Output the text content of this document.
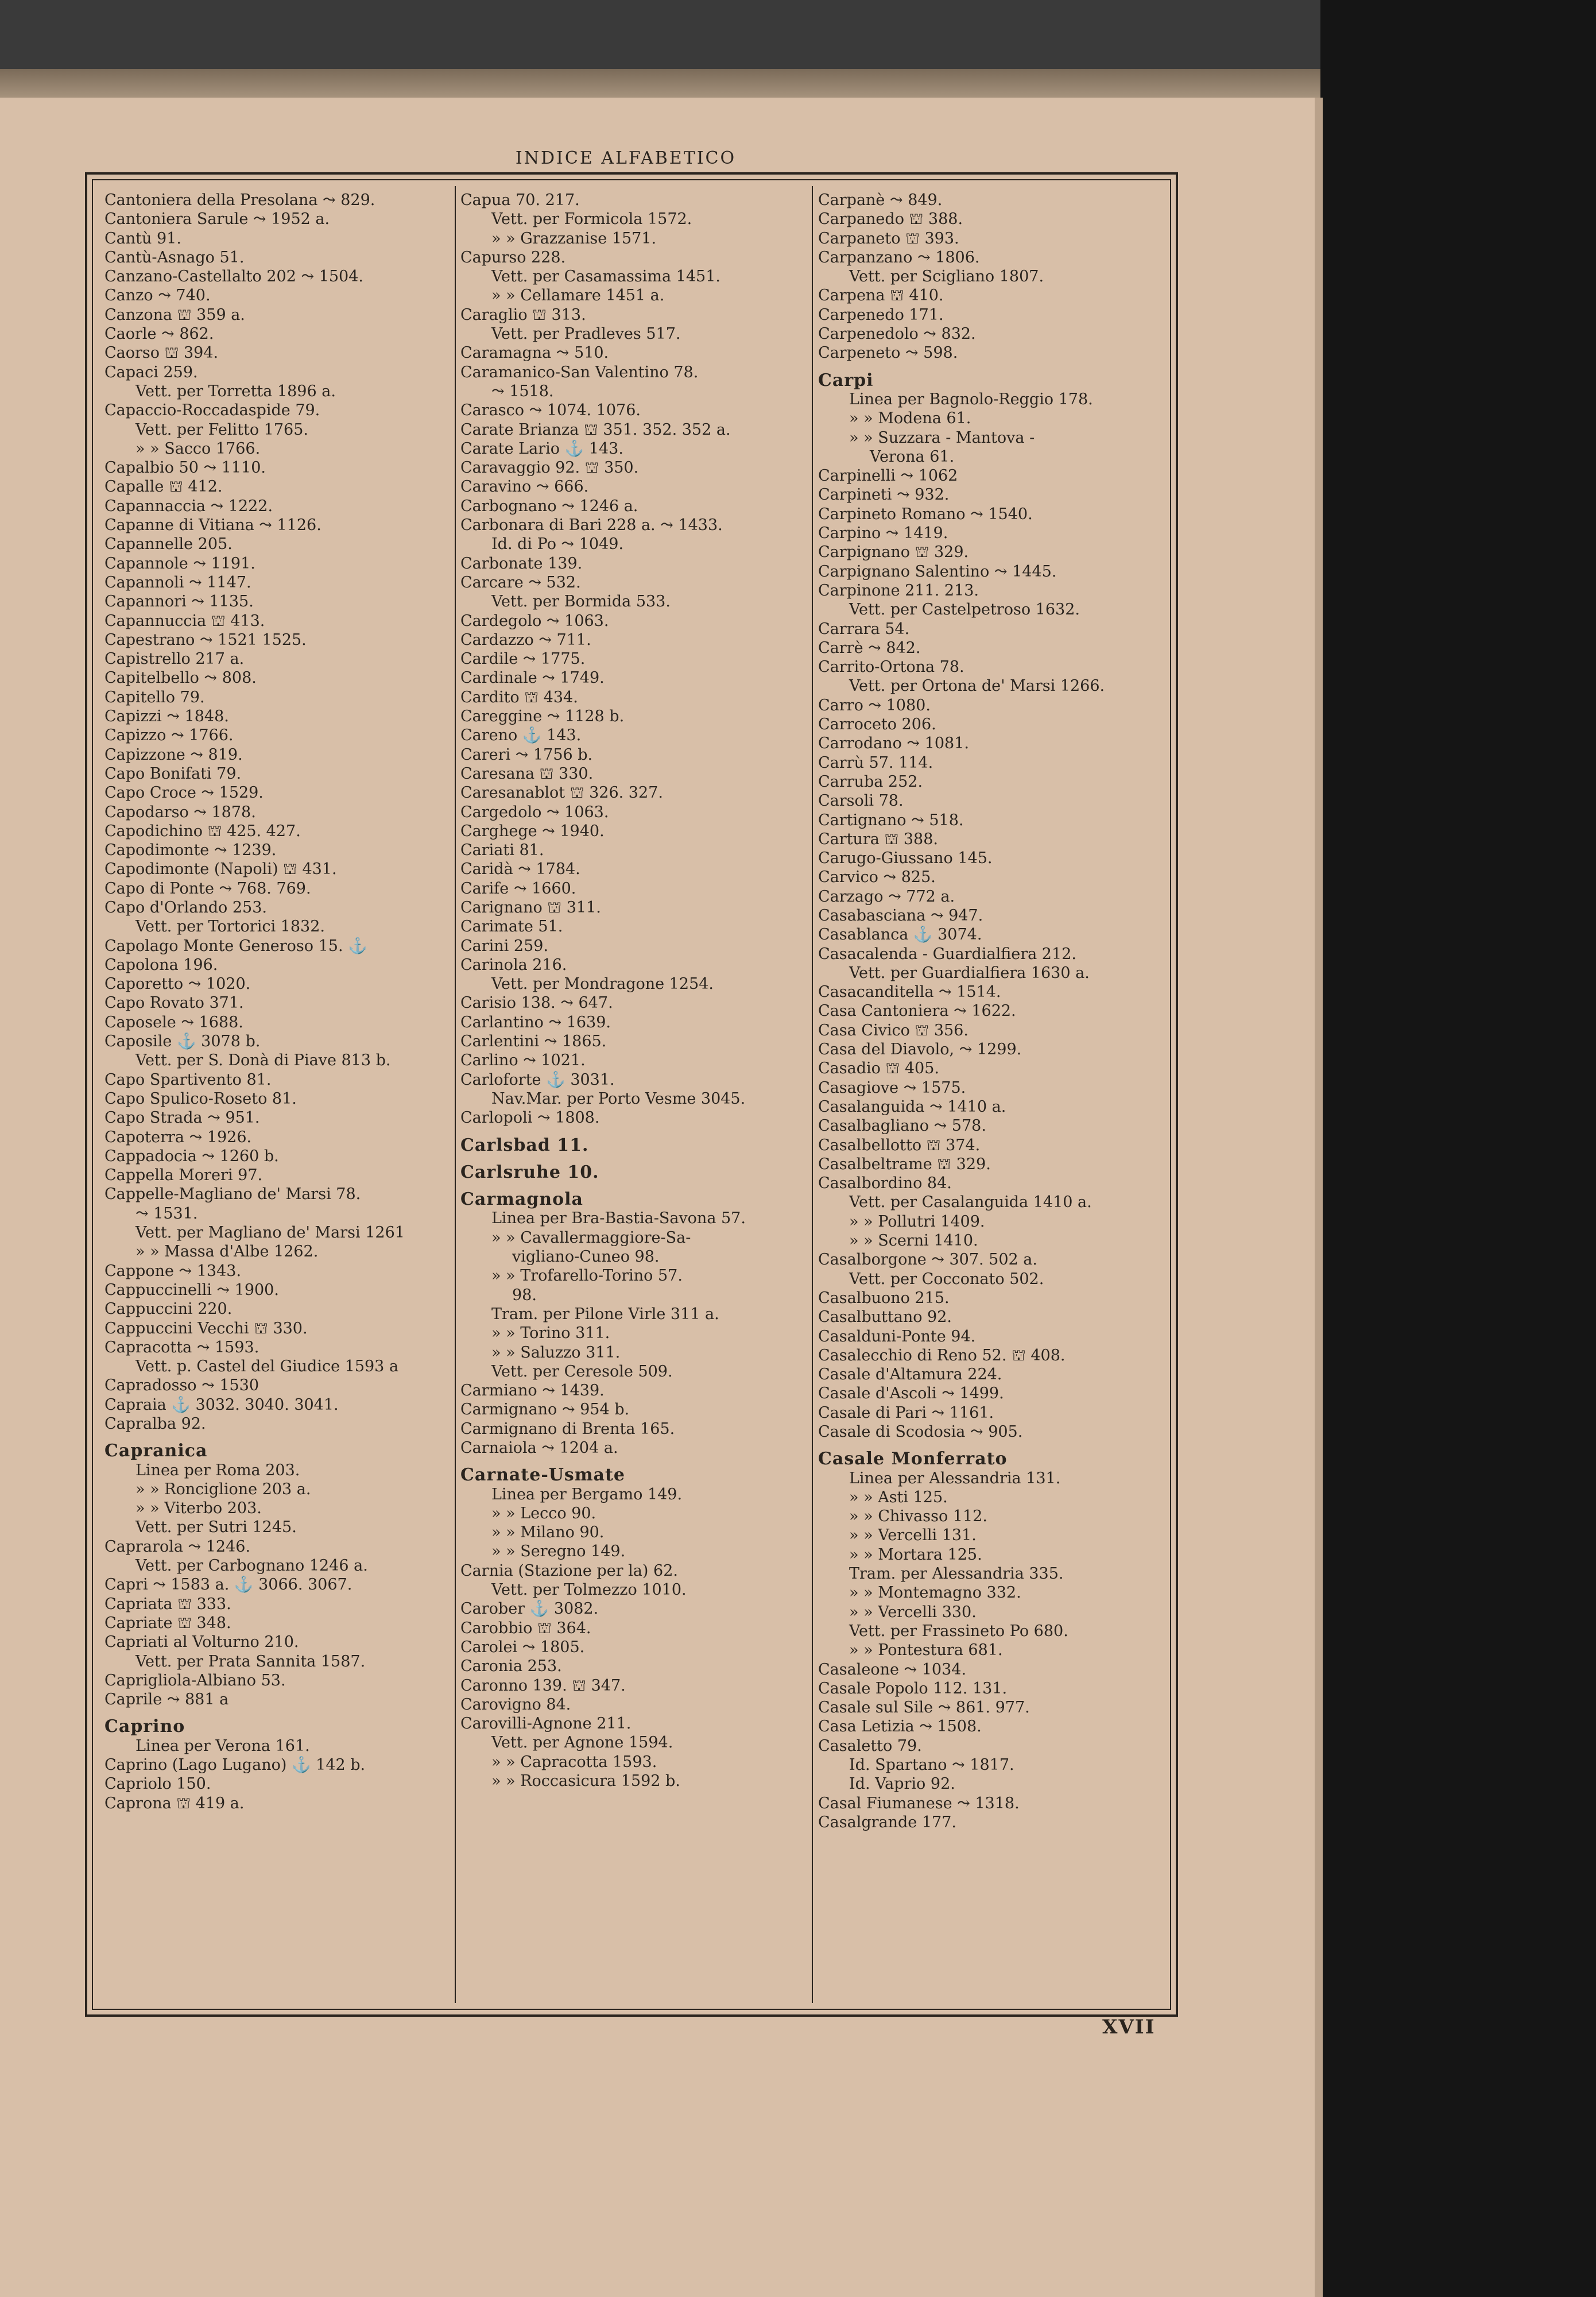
INDICE ALFABETICO
Cantoniera della Presolana ⤳ 829.
Cantoniera Sarule ⤳ 1952 a.
Cantù 91.
Cantù-Asnago 51.
Canzano-Castellalto 202 ⤳ 1504.
Canzo ⤳ 740.
Canzona ⛫ 359 a.
Caorle ⤳ 862.
Caorso ⛫ 394.
Capaci 259.
Vett. per Torretta 1896 a.
Capaccio-Roccadaspide 79.
Vett. per Felitto 1765.
» » Sacco 1766.
Capalbio 50 ⤳ 1110.
Capalle ⛫ 412.
Capannaccia ⤳ 1222.
Capanne di Vitiana ⤳ 1126.
Capannelle 205.
Capannole ⤳ 1191.
Capannoli ⤳ 1147.
Capannori ⤳ 1135.
Capannuccia ⛫ 413.
Capestrano ⤳ 1521 1525.
Capistrello 217 a.
Capitelbello ⤳ 808.
Capitello 79.
Capizzi ⤳ 1848.
Capizzo ⤳ 1766.
Capizzone ⤳ 819.
Capo Bonifati 79.
Capo Croce ⤳ 1529.
Capodarso ⤳ 1878.
Capodichino ⛫ 425. 427.
Capodimonte ⤳ 1239.
Capodimonte (Napoli) ⛫ 431.
Capo di Ponte ⤳ 768. 769.
Capo d'Orlando 253.
Vett. per Tortorici 1832.
Capolago Monte Generoso 15. ⚓
Capolona 196.
Caporetto ⤳ 1020.
Capo Rovato 371.
Caposele ⤳ 1688.
Caposile ⚓ 3078 b.
Vett. per S. Donà di Piave 813 b.
Capo Spartivento 81.
Capo Spulico-Roseto 81.
Capo Strada ⤳ 951.
Capoterra ⤳ 1926.
Cappadocia ⤳ 1260 b.
Cappella Moreri 97.
Cappelle-Magliano de' Marsi 78.
⤳ 1531.
Vett. per Magliano de' Marsi 1261
» » Massa d'Albe 1262.
Cappone ⤳ 1343.
Cappuccinelli ⤳ 1900.
Cappuccini 220.
Cappuccini Vecchi ⛫ 330.
Capracotta ⤳ 1593.
Vett. p. Castel del Giudice 1593 a
Capradosso ⤳ 1530
Capraia ⚓ 3032. 3040. 3041.
Capralba 92.
Capranica
Linea per Roma 203.
» » Ronciglione 203 a.
» » Viterbo 203.
Vett. per Sutri 1245.
Caprarola ⤳ 1246.
Vett. per Carbognano 1246 a.
Capri ⤳ 1583 a. ⚓ 3066. 3067.
Capriata ⛫ 333.
Capriate ⛫ 348.
Capriati al Volturno 210.
Vett. per Prata Sannita 1587.
Caprigliola-Albiano 53.
Caprile ⤳ 881 a
Caprino
Linea per Verona 161.
Caprino (Lago Lugano) ⚓ 142 b.
Capriolo 150.
Caprona ⛫ 419 a.
Capua 70. 217.
Vett. per Formicola 1572.
» » Grazzanise 1571.
Capurso 228.
Vett. per Casamassima 1451.
» » Cellamare 1451 a.
Caraglio ⛫ 313.
Vett. per Pradleves 517.
Caramagna ⤳ 510.
Caramanico-San Valentino 78.
⤳ 1518.
Carasco ⤳ 1074. 1076.
Carate Brianza ⛫ 351. 352. 352 a.
Carate Lario ⚓ 143.
Caravaggio 92. ⛫ 350.
Caravino ⤳ 666.
Carbognano ⤳ 1246 a.
Carbonara di Bari 228 a. ⤳ 1433.
Id. di Po ⤳ 1049.
Carbonate 139.
Carcare ⤳ 532.
Vett. per Bormida 533.
Cardegolo ⤳ 1063.
Cardazzo ⤳ 711.
Cardile ⤳ 1775.
Cardinale ⤳ 1749.
Cardito ⛫ 434.
Careggine ⤳ 1128 b.
Careno ⚓ 143.
Careri ⤳ 1756 b.
Caresana ⛫ 330.
Caresanablot ⛫ 326. 327.
Cargedolo ⤳ 1063.
Carghege ⤳ 1940.
Cariati 81.
Caridà ⤳ 1784.
Carife ⤳ 1660.
Carignano ⛫ 311.
Carimate 51.
Carini 259.
Carinola 216.
Vett. per Mondragone 1254.
Carisio 138. ⤳ 647.
Carlantino ⤳ 1639.
Carlentini ⤳ 1865.
Carlino ⤳ 1021.
Carloforte ⚓ 3031.
Nav.Mar. per Porto Vesme 3045.
Carlopoli ⤳ 1808.
Carlsbad 11.
Carlsruhe 10.
Carmagnola
Linea per Bra-Bastia-Savona 57.
» » Cavallermaggiore-Sa-
vigliano-Cuneo 98.
» » Trofarello-Torino 57.
98.
Tram. per Pilone Virle 311 a.
» » Torino 311.
» » Saluzzo 311.
Vett. per Ceresole 509.
Carmiano ⤳ 1439.
Carmignano ⤳ 954 b.
Carmignano di Brenta 165.
Carnaiola ⤳ 1204 a.
Carnate-Usmate
Linea per Bergamo 149.
» » Lecco 90.
» » Milano 90.
» » Seregno 149.
Carnia (Stazione per la) 62.
Vett. per Tolmezzo 1010.
Carober ⚓ 3082.
Carobbio ⛫ 364.
Carolei ⤳ 1805.
Caronia 253.
Caronno 139. ⛫ 347.
Carovigno 84.
Carovilli-Agnone 211.
Vett. per Agnone 1594.
» » Capracotta 1593.
» » Roccasicura 1592 b.
Carpanè ⤳ 849.
Carpanedo ⛫ 388.
Carpaneto ⛫ 393.
Carpanzano ⤳ 1806.
Vett. per Scigliano 1807.
Carpena ⛫ 410.
Carpenedo 171.
Carpenedolo ⤳ 832.
Carpeneto ⤳ 598.
Carpi
Linea per Bagnolo-Reggio 178.
» » Modena 61.
» » Suzzara - Mantova -
Verona 61.
Carpinelli ⤳ 1062
Carpineti ⤳ 932.
Carpineto Romano ⤳ 1540.
Carpino ⤳ 1419.
Carpignano ⛫ 329.
Carpignano Salentino ⤳ 1445.
Carpinone 211. 213.
Vett. per Castelpetroso 1632.
Carrara 54.
Carrè ⤳ 842.
Carrito-Ortona 78.
Vett. per Ortona de' Marsi 1266.
Carro ⤳ 1080.
Carroceto 206.
Carrodano ⤳ 1081.
Carrù 57. 114.
Carruba 252.
Carsoli 78.
Cartignano ⤳ 518.
Cartura ⛫ 388.
Carugo-Giussano 145.
Carvico ⤳ 825.
Carzago ⤳ 772 a.
Casabasciana ⤳ 947.
Casablanca ⚓ 3074.
Casacalenda - Guardialfiera 212.
Vett. per Guardialfiera 1630 a.
Casacanditella ⤳ 1514.
Casa Cantoniera ⤳ 1622.
Casa Civico ⛫ 356.
Casa del Diavolo, ⤳ 1299.
Casadio ⛫ 405.
Casagiove ⤳ 1575.
Casalanguida ⤳ 1410 a.
Casalbagliano ⤳ 578.
Casalbellotto ⛫ 374.
Casalbeltrame ⛫ 329.
Casalbordino 84.
Vett. per Casalanguida 1410 a.
» » Pollutri 1409.
» » Scerni 1410.
Casalborgone ⤳ 307. 502 a.
Vett. per Cocconato 502.
Casalbuono 215.
Casalbuttano 92.
Casalduni-Ponte 94.
Casalecchio di Reno 52. ⛫ 408.
Casale d'Altamura 224.
Casale d'Ascoli ⤳ 1499.
Casale di Pari ⤳ 1161.
Casale di Scodosia ⤳ 905.
Casale Monferrato
Linea per Alessandria 131.
» » Asti 125.
» » Chivasso 112.
» » Vercelli 131.
» » Mortara 125.
Tram. per Alessandria 335.
» » Montemagno 332.
» » Vercelli 330.
Vett. per Frassineto Po 680.
» » Pontestura 681.
Casaleone ⤳ 1034.
Casale Popolo 112. 131.
Casale sul Sile ⤳ 861. 977.
Casa Letizia ⤳ 1508.
Casaletto 79.
Id. Spartano ⤳ 1817.
Id. Vaprio 92.
Casal Fiumanese ⤳ 1318.
Casalgrande 177.
XVII
